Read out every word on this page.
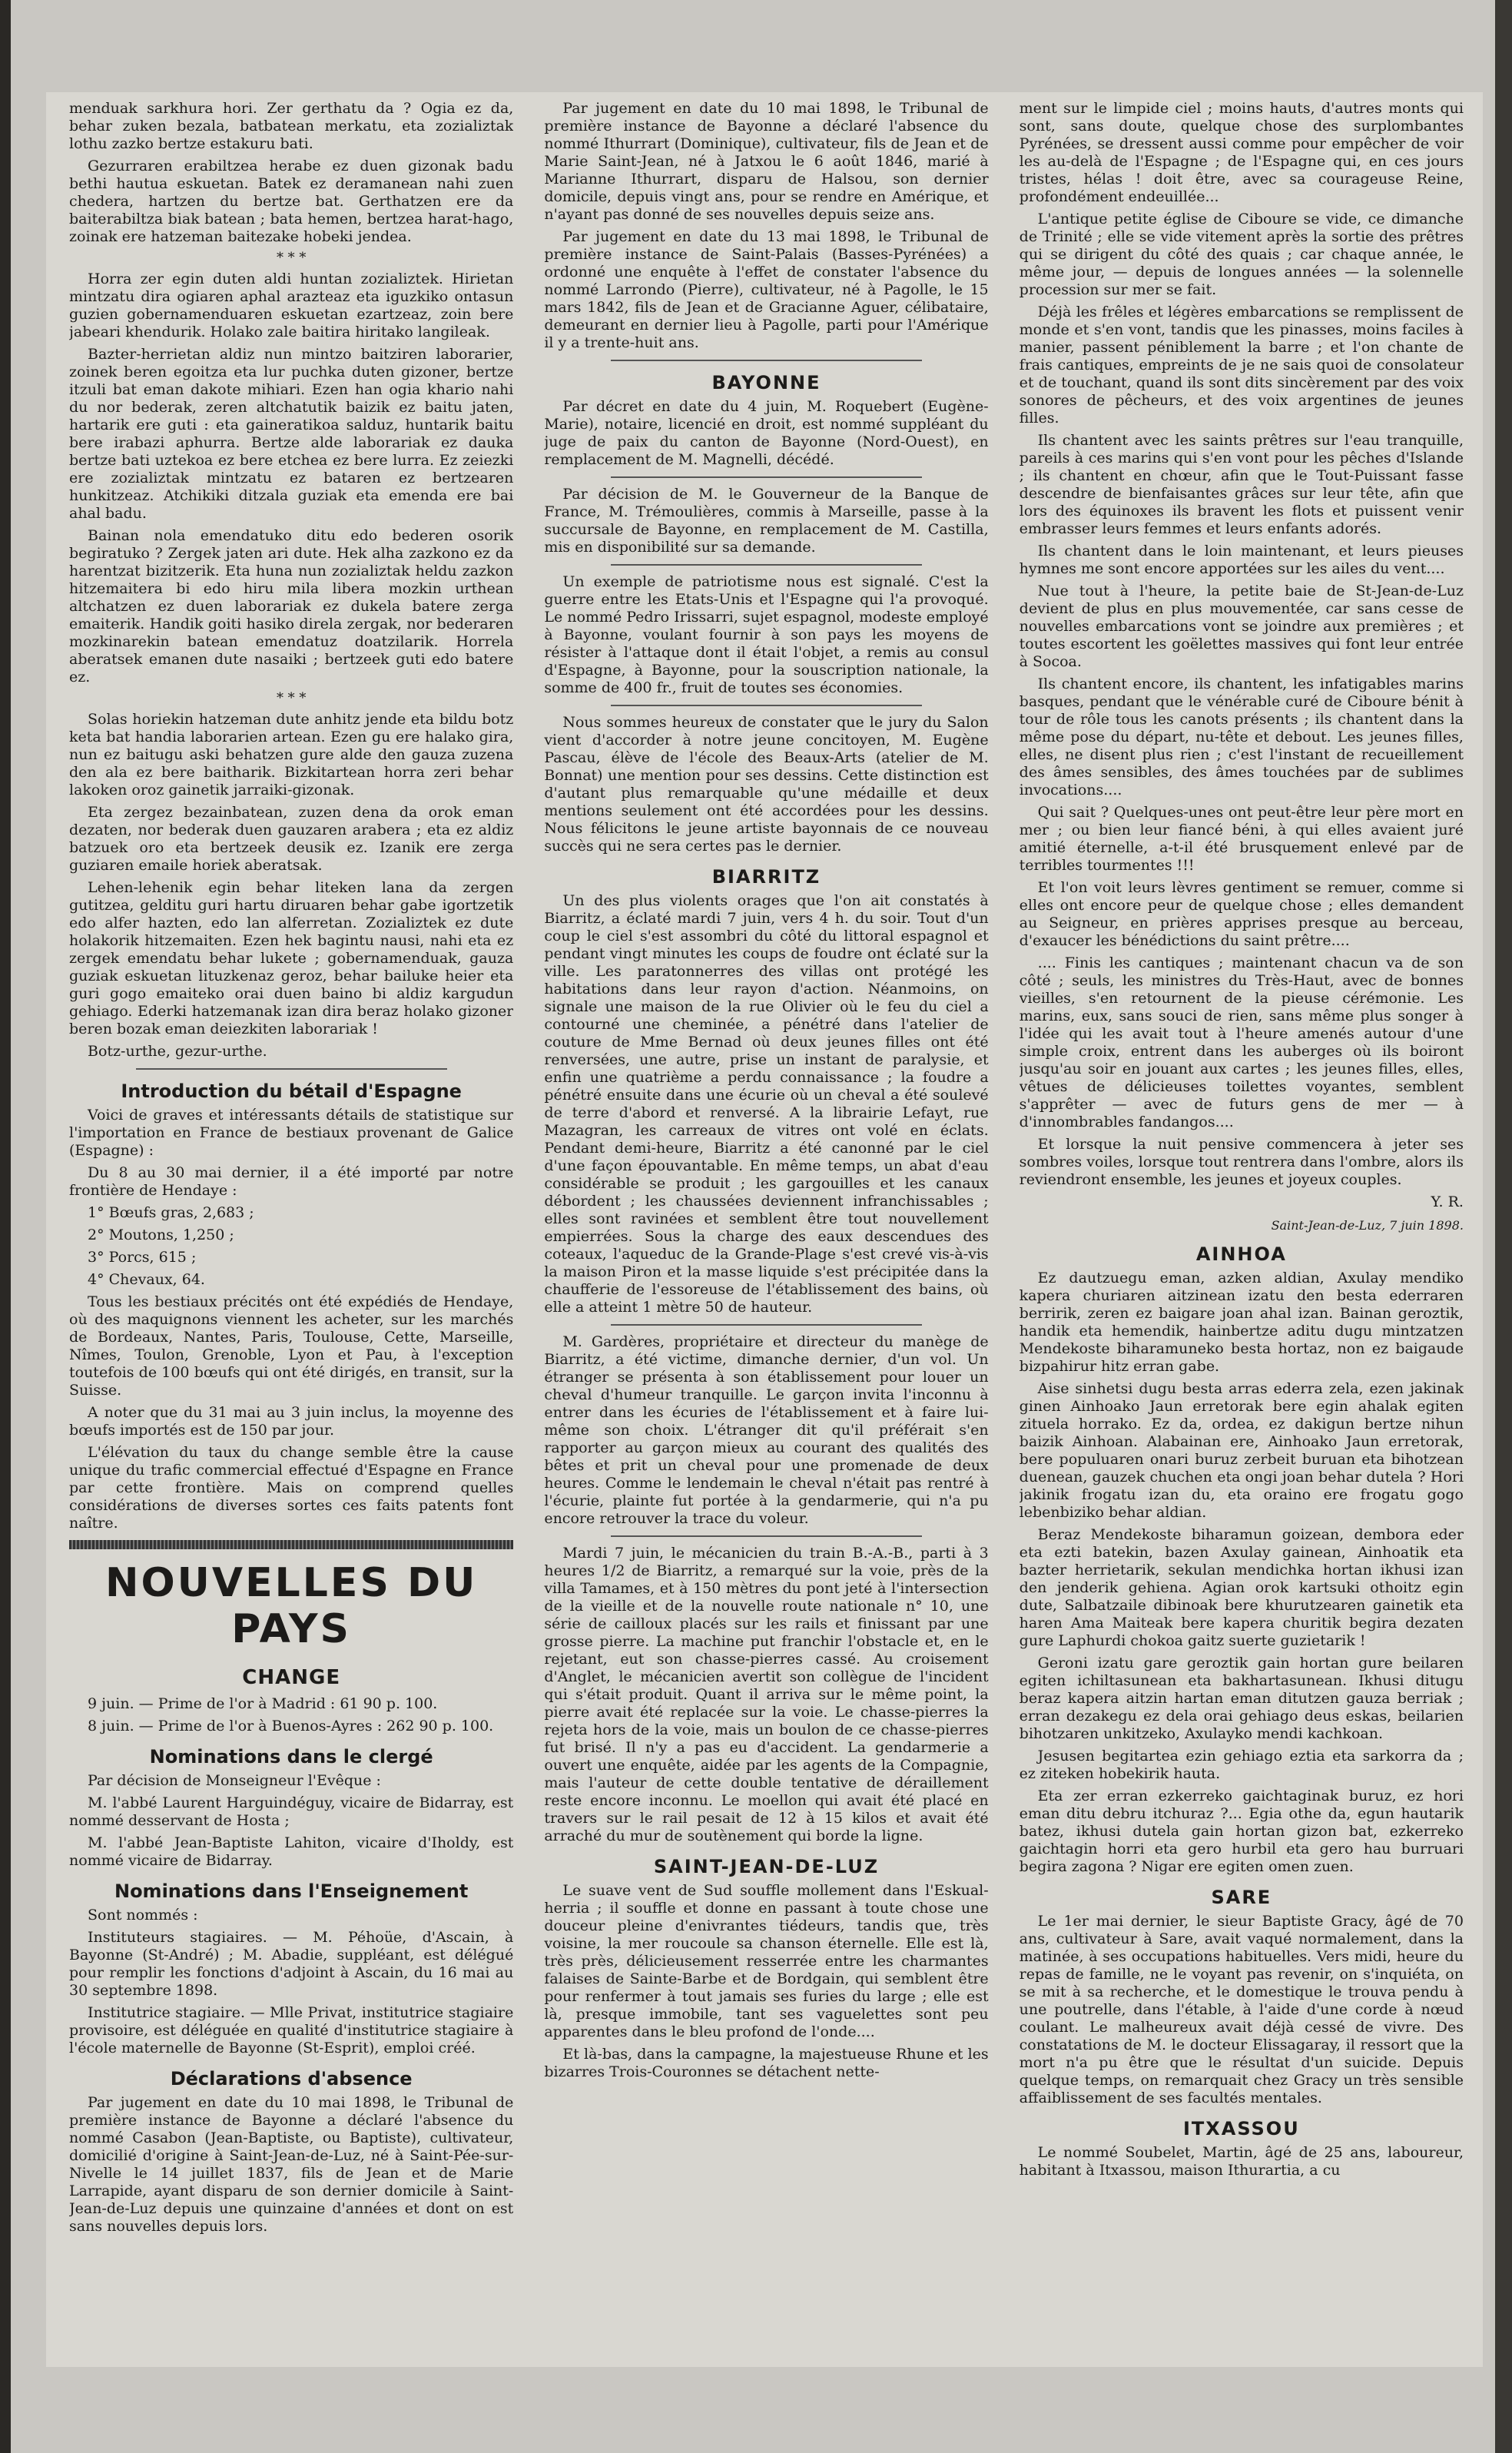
menduak sarkhura hori. Zer gerthatu da ? Ogia ez da, behar zuken bezala, batbatean merkatu, eta zozializtak lothu zazko bertze estakuru bati.

Gezurraren erabiltzea herabe ez duen gizonak badu bethi hautua eskuetan. Batek ez deramanean nahi zuen chedera, hartzen du bertze bat. Gerthatzen ere da baiterabiltza biak batean ; bata hemen, bertzea harat-hago, zoinak ere hatzeman baitezake hobeki jendea.

* * *

Horra zer egin duten aldi huntan zozializtek. Hirietan mintzatu dira ogiaren aphal arazteaz eta iguzkiko ontasun guzien gobernamenduaren eskuetan ezartzeaz, zoin bere jabeari khendurik. Holako zale baitira hiritako langileak.

Bazter-herrietan aldiz nun mintzo baitziren laborarier, zoinek beren egoitza eta lur puchka duten gizoner, bertze itzuli bat eman dakote mihiari. Ezen han ogia khario nahi du nor bederak, zeren altchatutik baizik ez baitu jaten, hartarik ere guti : eta gaineratikoa salduz, huntarik baitu bere irabazi aphurra. Bertze alde laborariak ez dauka bertze bati uztekoa ez bere etchea ez bere lurra. Ez zeiezki ere zozializtak mintzatu ez bataren ez bertzearen hunkitzeaz. Atchikiki ditzala guziak eta emenda ere bai ahal badu.

Bainan nola emendatuko ditu edo bederen osorik begiratuko ? Zergek jaten ari dute. Hek alha zazkono ez da harentzat bizitzerik. Eta huna nun zozializtak heldu zazkon hitzemaitera bi edo hiru mila libera mozkin urthean altchatzen ez duen laborariak ez dukela batere zerga emaiterik. Handik goiti hasiko direla zergak, nor bederaren mozkinarekin batean emendatuz doatzilarik. Horrela aberatsek emanen dute nasaiki ; bertzeek guti edo batere ez.

* * *

Solas horiekin hatzeman dute anhitz jende eta bildu botz keta bat handia laborarien artean. Ezen gu ere halako gira, nun ez baitugu aski behatzen gure alde den gauza zuzena den ala ez bere baitharik. Bizkitartean horra zeri behar lakoken oroz gainetik jarraiki-gizonak.

Eta zergez bezainbatean, zuzen dena da orok eman dezaten, nor bederak duen gauzaren arabera ; eta ez aldiz batzuek oro eta bertzeek deusik ez. Izanik ere zerga guziaren emaile horiek aberatsak.

Lehen-lehenik egin behar liteken lana da zergen gutitzea, gelditu guri hartu diruaren behar gabe igortzetik edo alfer hazten, edo lan alferretan. Zozializtek ez dute holakorik hitzemaiten. Ezen hek bagintu nausi, nahi eta ez zergek emendatu behar lukete ; gobernamenduak, gauza guziak eskuetan lituzkenaz geroz, behar bailuke heier eta guri gogo emaiteko orai duen baino bi aldiz kargudun gehiago. Ederki hatzemanak izan dira beraz holako gizoner beren bozak eman deiezkiten laborariak !

Botz-urthe, gezur-urthe.

Introduction du bétail d'Espagne

Voici de graves et intéressants détails de statistique sur l'importation en France de bestiaux provenant de Galice (Espagne) :

Du 8 au 30 mai dernier, il a été importé par notre frontière de Hendaye :

1° Bœufs gras, 2,683 ;

2° Moutons, 1,250 ;

3° Porcs, 615 ;

4° Chevaux, 64.

Tous les bestiaux précités ont été expédiés de Hendaye, où des maquignons viennent les acheter, sur les marchés de Bordeaux, Nantes, Paris, Toulouse, Cette, Marseille, Nîmes, Toulon, Grenoble, Lyon et Pau, à l'exception toutefois de 100 bœufs qui ont été dirigés, en transit, sur la Suisse.

A noter que du 31 mai au 3 juin inclus, la moyenne des bœufs importés est de 150 par jour.

L'élévation du taux du change semble être la cause unique du trafic commercial effectué d'Espagne en France par cette frontière. Mais on comprend quelles considérations de diverses sortes ces faits patents font naître.

NOUVELLES DU PAYS
CHANGE

9 juin. — Prime de l'or à Madrid : 61 90 p. 100.

8 juin. — Prime de l'or à Buenos-Ayres : 262 90 p. 100.

Nominations dans le clergé

Par décision de Monseigneur l'Evêque :

M. l'abbé Laurent Harguindéguy, vicaire de Bidarray, est nommé desservant de Hosta ;

M. l'abbé Jean-Baptiste Lahiton, vicaire d'Iholdy, est nommé vicaire de Bidarray.

Nominations dans l'Enseignement

Sont nommés :

Instituteurs stagiaires. — M. Péhoüe, d'Ascain, à Bayonne (St-André) ; M. Abadie, suppléant, est délégué pour remplir les fonctions d'adjoint à Ascain, du 16 mai au 30 septembre 1898.

Institutrice stagiaire. — Mlle Privat, institutrice stagiaire provisoire, est déléguée en qualité d'institutrice stagiaire à l'école maternelle de Bayonne (St-Esprit), emploi créé.

Déclarations d'absence

Par jugement en date du 10 mai 1898, le Tribunal de première instance de Bayonne a déclaré l'absence du nommé Casabon (Jean-Baptiste, ou Baptiste), cultivateur, domicilié d'origine à Saint-Jean-de-Luz, né à Saint-Pée-sur-Nivelle le 14 juillet 1837, fils de Jean et de Marie Larrapide, ayant disparu de son dernier domicile à Saint-Jean-de-Luz depuis une quinzaine d'années et dont on est sans nouvelles depuis lors.

Par jugement en date du 10 mai 1898, le Tribunal de première instance de Bayonne a déclaré l'absence du nommé Ithurrart (Dominique), cultivateur, fils de Jean et de Marie Saint-Jean, né à Jatxou le 6 août 1846, marié à Marianne Ithurrart, disparu de Halsou, son dernier domicile, depuis vingt ans, pour se rendre en Amérique, et n'ayant pas donné de ses nouvelles depuis seize ans.

Par jugement en date du 13 mai 1898, le Tribunal de première instance de Saint-Palais (Basses-Pyrénées) a ordonné une enquête à l'effet de constater l'absence du nommé Larrondo (Pierre), cultivateur, né à Pagolle, le 15 mars 1842, fils de Jean et de Gracianne Aguer, célibataire, demeurant en dernier lieu à Pagolle, parti pour l'Amérique il y a trente-huit ans.

BAYONNE

Par décret en date du 4 juin, M. Roquebert (Eugène-Marie), notaire, licencié en droit, est nommé suppléant du juge de paix du canton de Bayonne (Nord-Ouest), en remplacement de M. Magnelli, décédé.

Par décision de M. le Gouverneur de la Banque de France, M. Trémoulières, commis à Marseille, passe à la succursale de Bayonne, en remplacement de M. Castilla, mis en disponibilité sur sa demande.

Un exemple de patriotisme nous est signalé. C'est la guerre entre les Etats-Unis et l'Espagne qui l'a provoqué. Le nommé Pedro Irissarri, sujet espagnol, modeste employé à Bayonne, voulant fournir à son pays les moyens de résister à l'attaque dont il était l'objet, a remis au consul d'Espagne, à Bayonne, pour la souscription nationale, la somme de 400 fr., fruit de toutes ses économies.

Nous sommes heureux de constater que le jury du Salon vient d'accorder à notre jeune concitoyen, M. Eugène Pascau, élève de l'école des Beaux-Arts (atelier de M. Bonnat) une mention pour ses dessins. Cette distinction est d'autant plus remarquable qu'une médaille et deux mentions seulement ont été accordées pour les dessins. Nous félicitons le jeune artiste bayonnais de ce nouveau succès qui ne sera certes pas le dernier.

BIARRITZ

Un des plus violents orages que l'on ait constatés à Biarritz, a éclaté mardi 7 juin, vers 4 h. du soir. Tout d'un coup le ciel s'est assombri du côté du littoral espagnol et pendant vingt minutes les coups de foudre ont éclaté sur la ville. Les paratonnerres des villas ont protégé les habitations dans leur rayon d'action. Néanmoins, on signale une maison de la rue Olivier où le feu du ciel a contourné une cheminée, a pénétré dans l'atelier de couture de Mme Bernad où deux jeunes filles ont été renversées, une autre, prise un instant de paralysie, et enfin une quatrième a perdu connaissance ; la foudre a pénétré ensuite dans une écurie où un cheval a été soulevé de terre d'abord et renversé. A la librairie Lefayt, rue Mazagran, les carreaux de vitres ont volé en éclats. Pendant demi-heure, Biarritz a été canonné par le ciel d'une façon épouvantable. En même temps, un abat d'eau considérable se produit ; les gargouilles et les canaux débordent ; les chaussées deviennent infranchissables ; elles sont ravinées et semblent être tout nouvellement empierrées. Sous la charge des eaux descendues des coteaux, l'aqueduc de la Grande-Plage s'est crevé vis-à-vis la maison Piron et la masse liquide s'est précipitée dans la chaufferie de l'essoreuse de l'établissement des bains, où elle a atteint 1 mètre 50 de hauteur.

M. Gardères, propriétaire et directeur du manège de Biarritz, a été victime, dimanche dernier, d'un vol. Un étranger se présenta à son établissement pour louer un cheval d'humeur tranquille. Le garçon invita l'inconnu à entrer dans les écuries de l'établissement et à faire lui-même son choix. L'étranger dit qu'il préférait s'en rapporter au garçon mieux au courant des qualités des bêtes et prit un cheval pour une promenade de deux heures. Comme le lendemain le cheval n'était pas rentré à l'écurie, plainte fut portée à la gendarmerie, qui n'a pu encore retrouver la trace du voleur.

Mardi 7 juin, le mécanicien du train B.-A.-B., parti à 3 heures 1/2 de Biarritz, a remarqué sur la voie, près de la villa Tamames, et à 150 mètres du pont jeté à l'intersection de la vieille et de la nouvelle route nationale n° 10, une série de cailloux placés sur les rails et finissant par une grosse pierre. La machine put franchir l'obstacle et, en le rejetant, eut son chasse-pierres cassé. Au croisement d'Anglet, le mécanicien avertit son collègue de l'incident qui s'était produit. Quant il arriva sur le même point, la pierre avait été replacée sur la voie. Le chasse-pierres la rejeta hors de la voie, mais un boulon de ce chasse-pierres fut brisé. Il n'y a pas eu d'accident. La gendarmerie a ouvert une enquête, aidée par les agents de la Compagnie, mais l'auteur de cette double tentative de déraillement reste encore inconnu. Le moellon qui avait été placé en travers sur le rail pesait de 12 à 15 kilos et avait été arraché du mur de soutènement qui borde la ligne.

SAINT-JEAN-DE-LUZ

Le suave vent de Sud souffle mollement dans l'Eskual-herria ; il souffle et donne en passant à toute chose une douceur pleine d'enivrantes tiédeurs, tandis que, très voisine, la mer roucoule sa chanson éternelle. Elle est là, très près, délicieusement resserrée entre les charmantes falaises de Sainte-Barbe et de Bordgain, qui semblent être pour renfermer à tout jamais ses furies du large ; elle est là, presque immobile, tant ses vaguelettes sont peu apparentes dans le bleu profond de l'onde....

Et là-bas, dans la campagne, la majestueuse Rhune et les bizarres Trois-Couronnes se détachent nette-

ment sur le limpide ciel ; moins hauts, d'autres monts qui sont, sans doute, quelque chose des surplombantes Pyrénées, se dressent aussi comme pour empêcher de voir les au-delà de l'Espagne ; de l'Espagne qui, en ces jours tristes, hélas ! doit être, avec sa courageuse Reine, profondément endeuillée...

L'antique petite église de Ciboure se vide, ce dimanche de Trinité ; elle se vide vitement après la sortie des prêtres qui se dirigent du côté des quais ; car chaque année, le même jour, — depuis de longues années — la solennelle procession sur mer se fait.

Déjà les frêles et légères embarcations se remplissent de monde et s'en vont, tandis que les pinasses, moins faciles à manier, passent péniblement la barre ; et l'on chante de frais cantiques, empreints de je ne sais quoi de consolateur et de touchant, quand ils sont dits sincèrement par des voix sonores de pêcheurs, et des voix argentines de jeunes filles.

Ils chantent avec les saints prêtres sur l'eau tranquille, pareils à ces marins qui s'en vont pour les pêches d'Islande ; ils chantent en chœur, afin que le Tout-Puissant fasse descendre de bienfaisantes grâces sur leur tête, afin que lors des équinoxes ils bravent les flots et puissent venir embrasser leurs femmes et leurs enfants adorés.

Ils chantent dans le loin maintenant, et leurs pieuses hymnes me sont encore apportées sur les ailes du vent....

Nue tout à l'heure, la petite baie de St-Jean-de-Luz devient de plus en plus mouvementée, car sans cesse de nouvelles embarcations vont se joindre aux premières ; et toutes escortent les goëlettes massives qui font leur entrée à Socoa.

Ils chantent encore, ils chantent, les infatigables marins basques, pendant que le vénérable curé de Ciboure bénit à tour de rôle tous les canots présents ; ils chantent dans la même pose du départ, nu-tête et debout. Les jeunes filles, elles, ne disent plus rien ; c'est l'instant de recueillement des âmes sensibles, des âmes touchées par de sublimes invocations....

Qui sait ? Quelques-unes ont peut-être leur père mort en mer ; ou bien leur fiancé béni, à qui elles avaient juré amitié éternelle, a-t-il été brusquement enlevé par de terribles tourmentes !!!

Et l'on voit leurs lèvres gentiment se remuer, comme si elles ont encore peur de quelque chose ; elles demandent au Seigneur, en prières apprises presque au berceau, d'exaucer les bénédictions du saint prêtre....

.... Finis les cantiques ; maintenant chacun va de son côté ; seuls, les ministres du Très-Haut, avec de bonnes vieilles, s'en retournent de la pieuse cérémonie. Les marins, eux, sans souci de rien, sans même plus songer à l'idée qui les avait tout à l'heure amenés autour d'une simple croix, entrent dans les auberges où ils boiront jusqu'au soir en jouant aux cartes ; les jeunes filles, elles, vêtues de délicieuses toilettes voyantes, semblent s'apprêter — avec de futurs gens de mer — à d'innombrables fandangos....

Et lorsque la nuit pensive commencera à jeter ses sombres voiles, lorsque tout rentrera dans l'ombre, alors ils reviendront ensemble, les jeunes et joyeux couples.

Y. R.
Saint-Jean-de-Luz, 7 juin 1898.
AINHOA

Ez dautzuegu eman, azken aldian, Axulay mendiko kapera churiaren aitzinean izatu den besta ederraren berririk, zeren ez baigare joan ahal izan. Bainan geroztik, handik eta hemendik, hainbertze aditu dugu mintzatzen Mendekoste biharamuneko besta hortaz, non ez baigaude bizpahirur hitz erran gabe.

Aise sinhetsi dugu besta arras ederra zela, ezen jakinak ginen Ainhoako Jaun erretorak bere egin ahalak egiten zituela horrako. Ez da, ordea, ez dakigun bertze nihun baizik Ainhoan. Alabainan ere, Ainhoako Jaun erretorak, bere populuaren onari buruz zerbeit buruan eta bihotzean duenean, gauzek chuchen eta ongi joan behar dutela ? Hori jakinik frogatu izan du, eta oraino ere frogatu gogo lebenbiziko behar aldian.

Beraz Mendekoste biharamun goizean, dembora eder eta ezti batekin, bazen Axulay gainean, Ainhoatik eta bazter herrietarik, sekulan mendichka hortan ikhusi izan den jenderik gehiena. Agian orok kartsuki othoitz egin dute, Salbatzaile dibinoak bere khurutzearen gainetik eta haren Ama Maiteak bere kapera churitik begira dezaten gure Laphurdi chokoa gaitz suerte guzietarik !

Geroni izatu gare geroztik gain hortan gure beilaren egiten ichiltasunean eta bakhartasunean. Ikhusi ditugu beraz kapera aitzin hartan eman ditutzen gauza berriak ; erran dezakegu ez dela orai gehiago deus eskas, beilarien bihotzaren unkitzeko, Axulayko mendi kachkoan.

Jesusen begitartea ezin gehiago eztia eta sarkorra da ; ez ziteken hobekirik hauta.

Eta zer erran ezkerreko gaichtaginak buruz, ez hori eman ditu debru itchuraz ?... Egia othe da, egun hautarik batez, ikhusi dutela gain hortan gizon bat, ezkerreko gaichtagin horri eta gero hurbil eta gero hau burruari begira zagona ? Nigar ere egiten omen zuen.

SARE

Le 1er mai dernier, le sieur Baptiste Gracy, âgé de 70 ans, cultivateur à Sare, avait vaqué normalement, dans la matinée, à ses occupations habituelles. Vers midi, heure du repas de famille, ne le voyant pas revenir, on s'inquiéta, on se mit à sa recherche, et le domestique le trouva pendu à une poutrelle, dans l'étable, à l'aide d'une corde à nœud coulant. Le malheureux avait déjà cessé de vivre. Des constatations de M. le docteur Elissagaray, il ressort que la mort n'a pu être que le résultat d'un suicide. Depuis quelque temps, on remarquait chez Gracy un très sensible affaiblissement de ses facultés mentales.

ITXASSOU

Le nommé Soubelet, Martin, âgé de 25 ans, laboureur, habitant à Itxassou, maison Ithurartia, a cu
